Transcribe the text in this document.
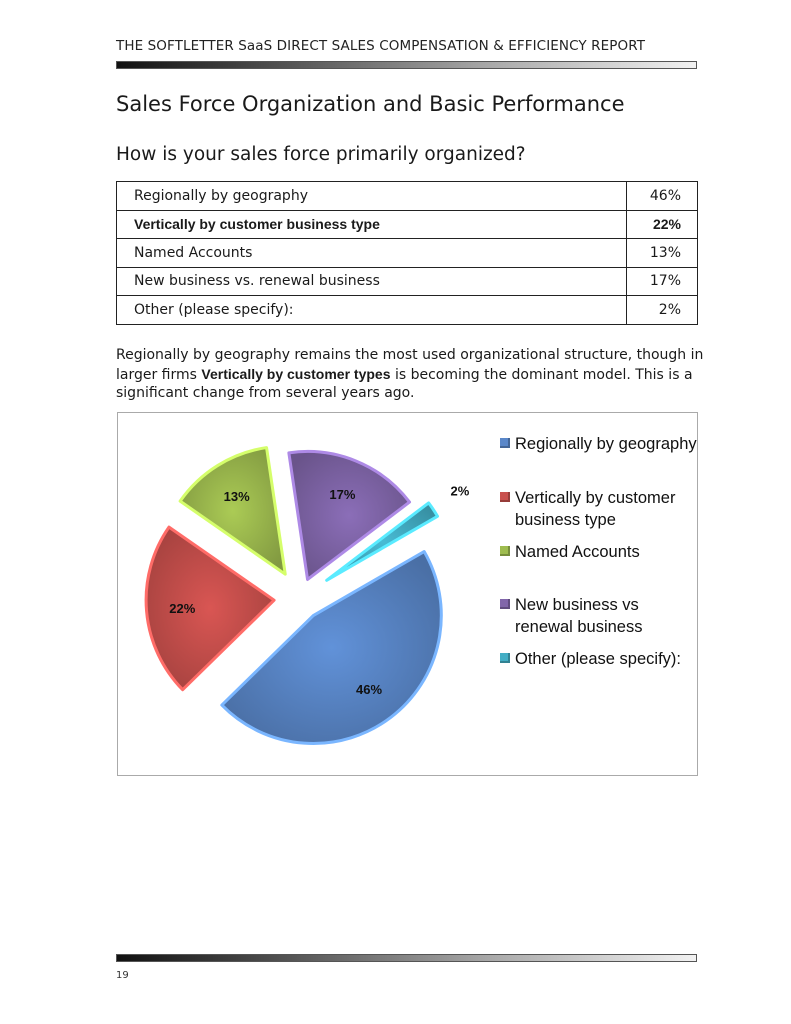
THE SOFTLETTER SaaS DIRECT SALES COMPENSATION & EFFICIENCY REPORT
Sales Force Organization and Basic Performance
How is your sales force primarily organized?
Regionally by geography	46%
Vertically by customer business type	22%
Named Accounts	13%
New business vs. renewal business	17%
Other (please specify):	2%
Regionally by geography remains the most used organizational structure, though in larger firms Vertically by customer types is becoming the dominant model. This is a significant change from several years ago.
46%
22%
13%	17%	2%
Regionally by geography
Vertically by customer business type
Named Accounts
New business vs renewal business
Other (please specify):
19
